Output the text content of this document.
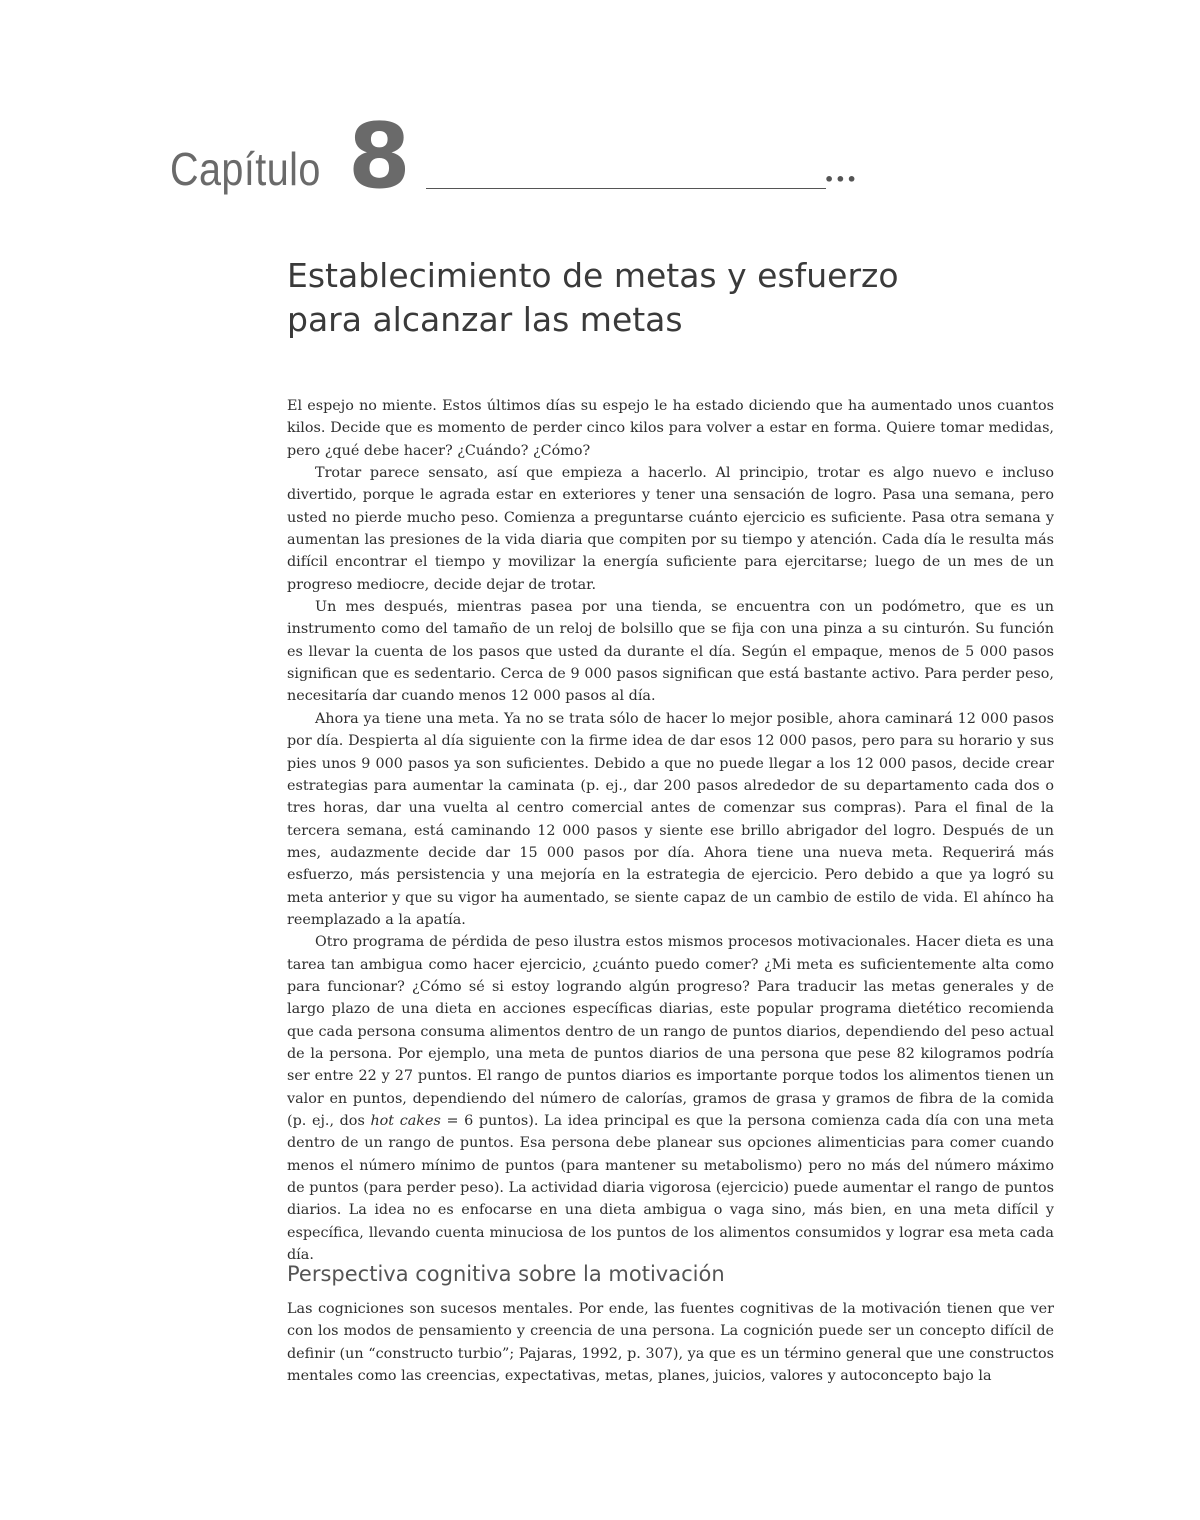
Capítulo 8	•••
Establecimiento de metas y esfuerzo
para alcanzar las metas

El espejo no miente. Estos últimos días su espejo le ha estado diciendo que ha aumentado unos cuantos kilos. Decide que es momento de perder cinco kilos para volver a estar en forma. Quiere tomar medidas, pero ¿qué debe hacer? ¿Cuándo? ¿Cómo?

Trotar parece sensato, así que empieza a hacerlo. Al principio, trotar es algo nuevo e incluso divertido, porque le agrada estar en exteriores y tener una sensación de logro. Pasa una semana, pero usted no pierde mucho peso. Comienza a preguntarse cuánto ejercicio es suficiente. Pasa otra semana y aumentan las presiones de la vida diaria que compiten por su tiempo y atención. Cada día le resulta más difícil encontrar el tiempo y movilizar la energía suficiente para ejercitarse; luego de un mes de un progreso mediocre, decide dejar de trotar.

Un mes después, mientras pasea por una tienda, se encuentra con un podómetro, que es un instrumento como del tamaño de un reloj de bolsillo que se fija con una pinza a su cinturón. Su función es llevar la cuenta de los pasos que usted da durante el día. Según el empaque, menos de 5 000 pasos significan que es sedentario. Cerca de 9 000 pasos significan que está bastante activo. Para perder peso, necesitaría dar cuando menos 12 000 pasos al día.

Ahora ya tiene una meta. Ya no se trata sólo de hacer lo mejor posible, ahora caminará 12 000 pasos por día. Despierta al día siguiente con la firme idea de dar esos 12 000 pasos, pero para su horario y sus pies unos 9 000 pasos ya son suficientes. Debido a que no puede llegar a los 12 000 pasos, decide crear estrategias para aumentar la caminata (p. ej., dar 200 pasos alrededor de su departamento cada dos o tres horas, dar una vuelta al centro comercial antes de comenzar sus compras). Para el final de la tercera semana, está caminando 12 000 pasos y siente ese brillo abrigador del logro. Después de un mes, audazmente decide dar 15 000 pasos por día. Ahora tiene una nueva meta. Requerirá más esfuerzo, más persistencia y una mejoría en la estrategia de ejercicio. Pero debido a que ya logró su meta anterior y que su vigor ha aumentado, se siente capaz de un cambio de estilo de vida. El ahínco ha reemplazado a la apatía.

Otro programa de pérdida de peso ilustra estos mismos procesos motivacionales. Hacer dieta es una tarea tan ambigua como hacer ejercicio, ¿cuánto puedo comer? ¿Mi meta es suficientemente alta como para funcionar? ¿Cómo sé si estoy logrando algún progreso? Para traducir las metas generales y de largo plazo de una dieta en acciones específicas diarias, este popular programa dietético recomienda que cada persona consuma alimentos dentro de un rango de puntos diarios, dependiendo del peso actual de la persona. Por ejemplo, una meta de puntos diarios de una persona que pese 82 kilogramos podría ser entre 22 y 27 puntos. El rango de puntos diarios es importante porque todos los alimentos tienen un valor en puntos, dependiendo del número de calorías, gramos de grasa y gramos de fibra de la comida (p. ej., dos hot cakes = 6 puntos). La idea principal es que la persona comienza cada día con una meta dentro de un rango de puntos. Esa persona debe planear sus opciones alimenticias para comer cuando menos el número mínimo de puntos (para mantener su metabolismo) pero no más del número máximo de puntos (para perder peso). La actividad diaria vigorosa (ejercicio) puede aumentar el rango de puntos diarios. La idea no es enfocarse en una dieta ambigua o vaga sino, más bien, en una meta difícil y específica, llevando cuenta minuciosa de los puntos de los alimentos consumidos y lograr esa meta cada día.

Perspectiva cognitiva sobre la motivación

Las cogniciones son sucesos mentales. Por ende, las fuentes cognitivas de la motivación tienen que ver con los modos de pensamiento y creencia de una persona. La cognición puede ser un concepto difícil de definir (un “constructo turbio”; Pajaras, 1992, p. 307), ya que es un término general que une constructos mentales como las creencias, expectativas, metas, planes, juicios, valores y autoconcepto bajo la
